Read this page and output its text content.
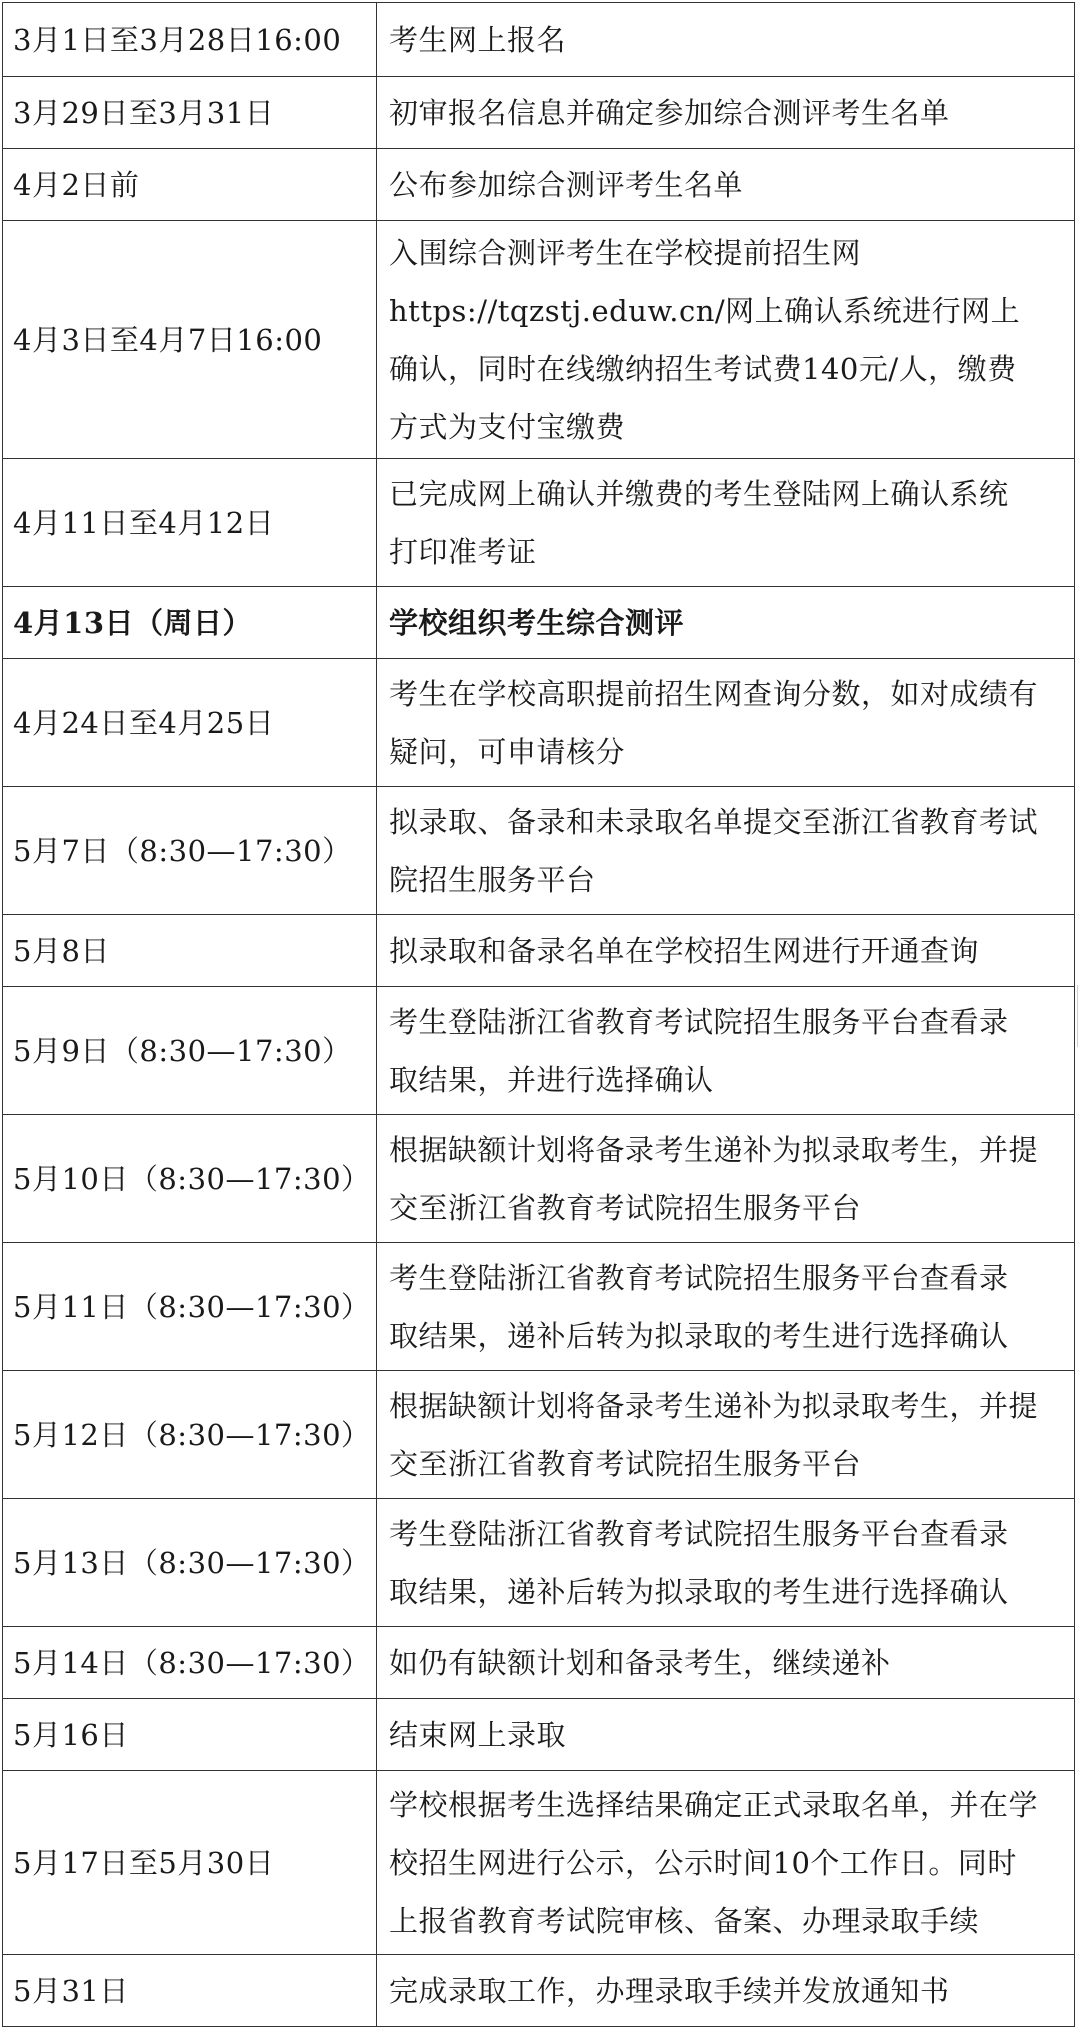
3月1日至3月28日16:00	考生网上报名
3月29日至3月31日	初审报名信息并确定参加综合测评考生名单
4月2日前	公布参加综合测评考生名单
4月3日至4月7日16:00	入围综合测评考生在学校提前招生网
https://tqzstj.eduw.cn/网上确认系统进行网上
确认，同时在线缴纳招生考试费140元/人，缴费
方式为支付宝缴费
4月11日至4月12日	已完成网上确认并缴费的考生登陆网上确认系统
打印准考证
4月13日（周日）	学校组织考生综合测评
4月24日至4月25日	考生在学校高职提前招生网查询分数，如对成绩有
疑问，可申请核分
5月7日（8:30—17:30）	拟录取、备录和未录取名单提交至浙江省教育考试
院招生服务平台
5月8日	拟录取和备录名单在学校招生网进行开通查询
5月9日（8:30—17:30）	考生登陆浙江省教育考试院招生服务平台查看录
取结果，并进行选择确认
5月10日（8:30—17:30）	根据缺额计划将备录考生递补为拟录取考生，并提
交至浙江省教育考试院招生服务平台
5月11日（8:30—17:30）	考生登陆浙江省教育考试院招生服务平台查看录
取结果，递补后转为拟录取的考生进行选择确认
5月12日（8:30—17:30）	根据缺额计划将备录考生递补为拟录取考生，并提
交至浙江省教育考试院招生服务平台
5月13日（8:30—17:30）	考生登陆浙江省教育考试院招生服务平台查看录
取结果，递补后转为拟录取的考生进行选择确认
5月14日（8:30—17:30）	如仍有缺额计划和备录考生，继续递补
5月16日	结束网上录取
5月17日至5月30日	学校根据考生选择结果确定正式录取名单，并在学
校招生网进行公示，公示时间10个工作日。同时
上报省教育考试院审核、备案、办理录取手续
5月31日	完成录取工作，办理录取手续并发放通知书
